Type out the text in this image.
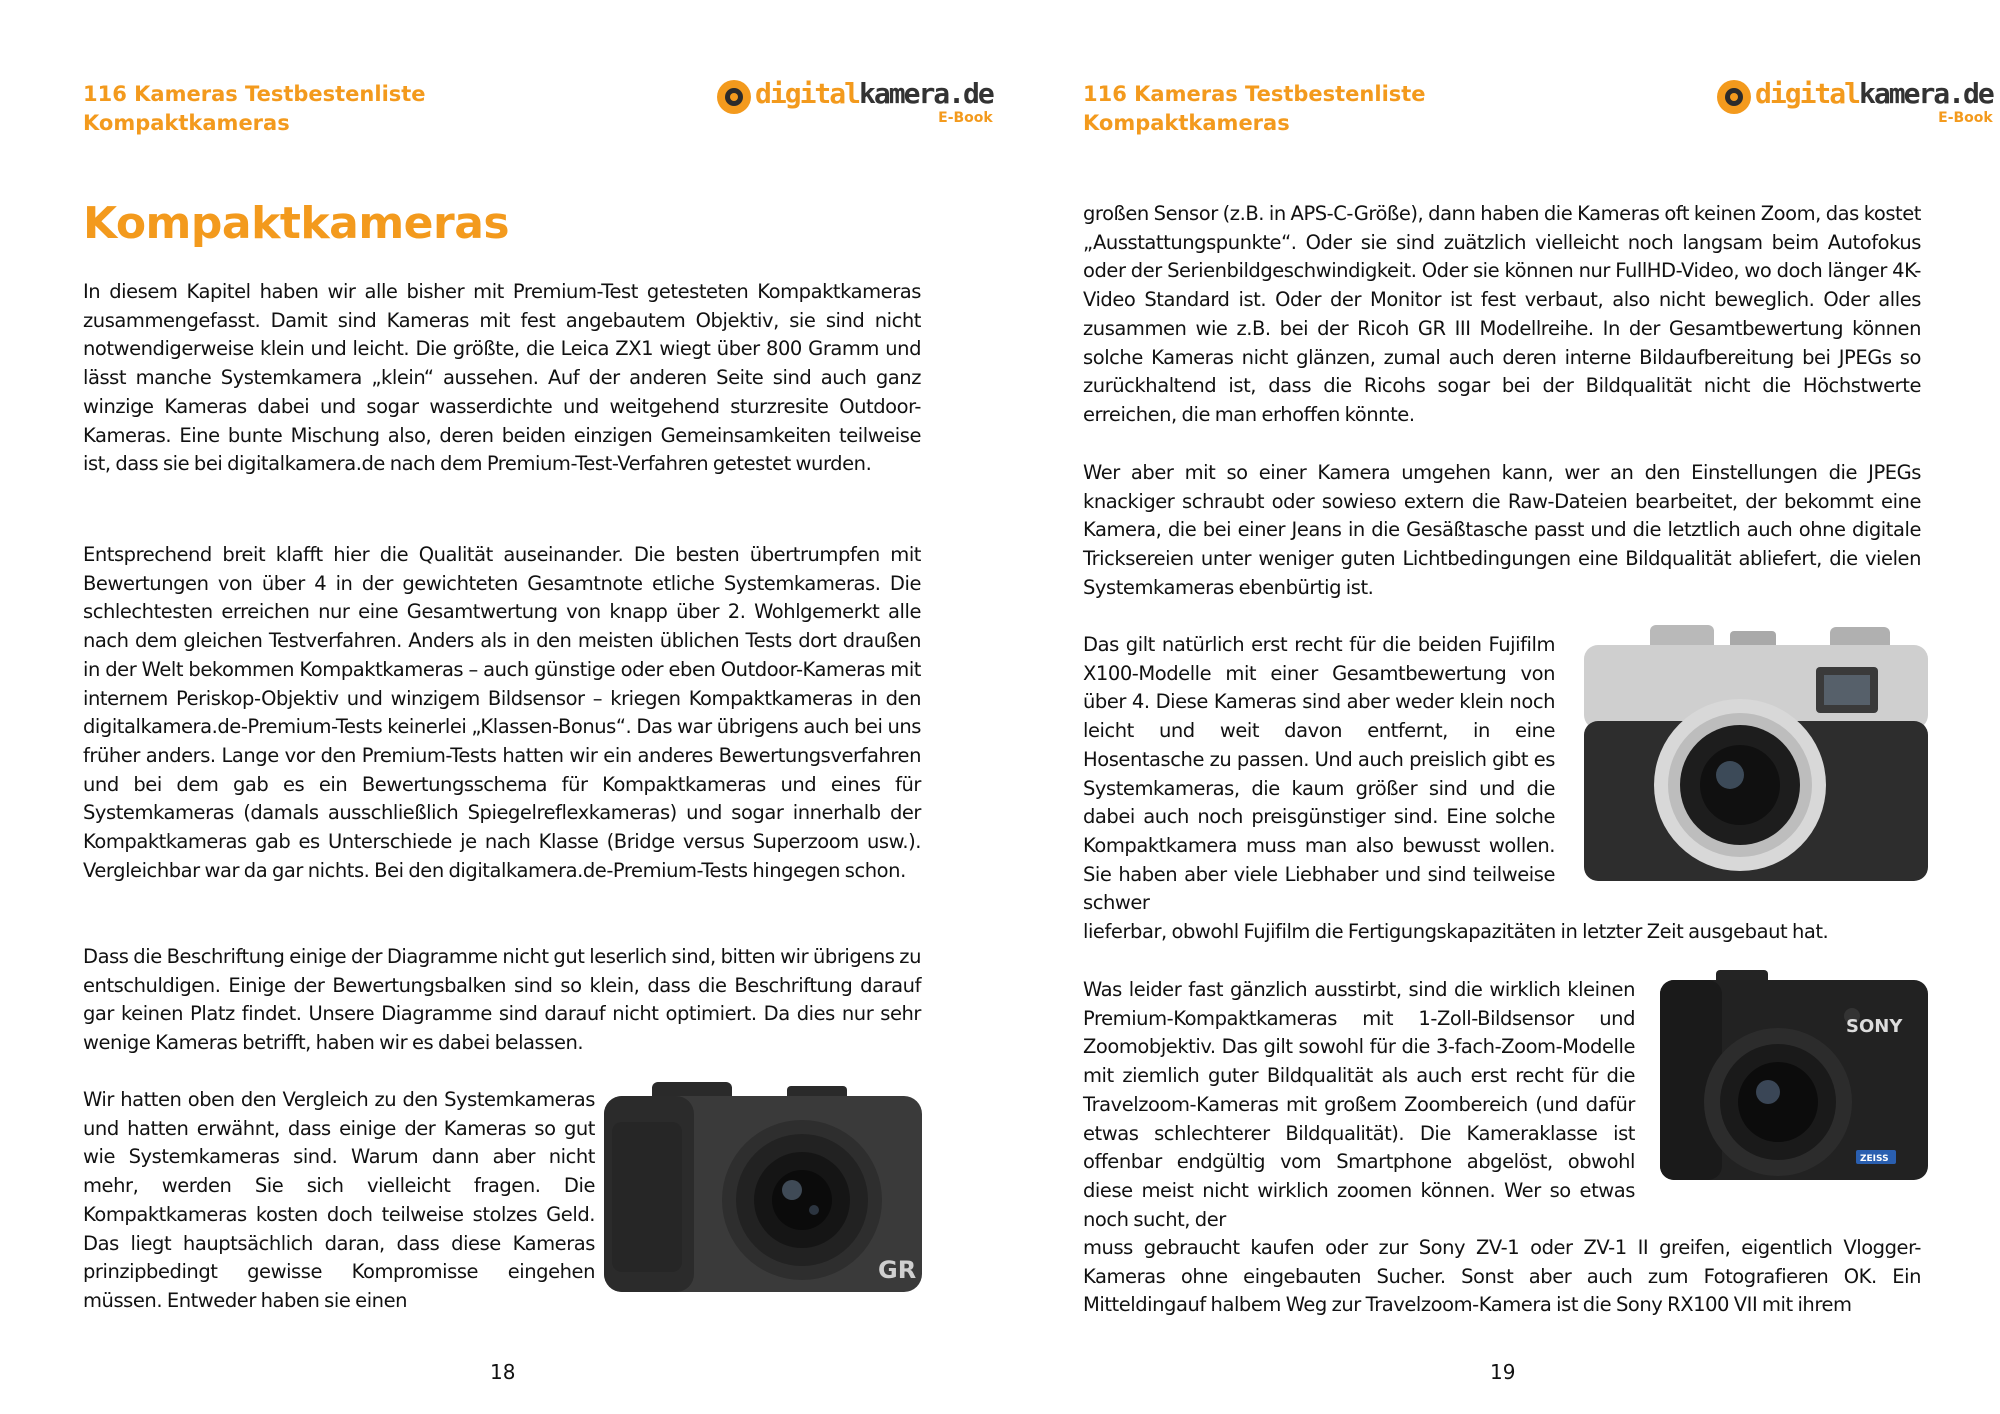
116 Kameras Testbestenliste
Kompaktkameras
digitalkamera.de
E-Book
Kompaktkameras

In diesem Kapitel haben wir alle bisher mit Premium-Test getesteten Kompaktkameras zusammengefasst. Damit sind Kameras mit fest angebautem Objektiv, sie sind nicht notwendigerweise klein und leicht. Die größte, die Leica ZX1 wiegt über 800 Gramm und lässt manche Systemkamera „klein“ aussehen. Auf der anderen Seite sind auch ganz winzige Kameras dabei und sogar wasserdichte und weitgehend sturzresite Outdoor-Kameras. Eine bunte Mischung also, deren beiden einzigen Gemeinsamkeiten teilweise ist, dass sie bei digitalkamera.de nach dem Premium-Test-Verfahren getestet wurden.

Entsprechend breit klafft hier die Qualität auseinander. Die besten übertrumpfen mit Bewertungen von über 4 in der gewichteten Gesamtnote etliche Systemkameras. Die schlechtesten erreichen nur eine Gesamtwertung von knapp über 2. Wohlgemerkt alle nach dem gleichen Testverfahren. Anders als in den meisten üblichen Tests dort draußen in der Welt bekommen Kompaktkameras – auch günstige oder eben Outdoor-Kameras mit internem Periskop-Objektiv und winzigem Bildsensor – kriegen Kompaktkameras in den digitalkamera.de-Premium-Tests keinerlei „Klassen-Bonus“. Das war übrigens auch bei uns früher anders. Lange vor den Premium-Tests hatten wir ein anderes Bewertungsverfahren und bei dem gab es ein Bewertungsschema für Kompaktkameras und eines für Systemkameras (damals ausschließlich Spiegelreflexkameras) und sogar innerhalb der Kompaktkameras gab es Unterschiede je nach Klasse (Bridge versus Superzoom usw.). Vergleichbar war da gar nichts. Bei den digitalkamera.de-Premium-Tests hingegen schon.

Dass die Beschriftung einige der Diagramme nicht gut leserlich sind, bitten wir übrigens zu entschuldigen. Einige der Bewertungsbalken sind so klein, dass die Beschriftung darauf gar keinen Platz findet. Unsere Diagramme sind darauf nicht optimiert. Da dies nur sehr wenige Kameras betrifft, haben wir es dabei belassen.

Wir hatten oben den Vergleich zu den Systemkameras und hatten erwähnt, dass einige der Kameras so gut wie Systemkameras sind. Warum dann aber nicht mehr, werden Sie sich vielleicht fragen. Die Kompaktkameras kosten doch teilweise stolzes Geld. Das liegt hauptsächlich daran, dass diese Kameras prinzipbedingt gewisse Kompromisse eingehen müssen. Entweder haben sie einen

GR
18
116 Kameras Testbestenliste
Kompaktkameras
digitalkamera.de
E-Book

großen Sensor (z.B. in APS-C-Größe), dann haben die Kameras oft keinen Zoom, das kostet „Ausstattungspunkte“. Oder sie sind zuätzlich vielleicht noch langsam beim Autofokus oder der Serienbildgeschwindigkeit. Oder sie können nur FullHD-Video, wo doch länger 4K-Video Standard ist. Oder der Monitor ist fest verbaut, also nicht beweglich. Oder alles zusammen wie z.B. bei der Ricoh GR III Modellreihe. In der Gesamtbewertung können solche Kameras nicht glänzen, zumal auch deren interne Bildaufbereitung bei JPEGs so zurückhaltend ist, dass die Ricohs sogar bei der Bildqualität nicht die Höchstwerte erreichen, die man erhoffen könnte.

Wer aber mit so einer Kamera umgehen kann, wer an den Einstellungen die JPEGs knackiger schraubt oder sowieso extern die Raw-Dateien bearbeitet, der bekommt eine Kamera, die bei einer Jeans in die Gesäßtasche passt und die letztlich auch ohne digitale Tricksereien unter weniger guten Lichtbedingungen eine Bildqualität abliefert, die vielen Systemkameras ebenbürtig ist.

Das gilt natürlich erst recht für die beiden Fujifilm X100-Modelle mit einer Gesamtbewertung von über 4. Diese Kameras sind aber weder klein noch leicht und weit davon entfernt, in eine Hosentasche zu passen. Und auch preislich gibt es Systemkameras, die kaum größer sind und die dabei auch noch preisgünstiger sind. Eine solche Kompaktkamera muss man also bewusst wollen. Sie haben aber viele Liebhaber und sind teilweise schwer

lieferbar, obwohl Fujifilm die Fertigungskapazitäten in letzter Zeit ausgebaut hat.

Was leider fast gänzlich ausstirbt, sind die wirklich kleinen Premium-Kompaktkameras mit 1-Zoll-Bildsensor und Zoomobjektiv. Das gilt sowohl für die 3-fach-Zoom-Modelle mit ziemlich guter Bildqualität als auch erst recht für die Travelzoom-Kameras mit großem Zoombereich (und dafür etwas schlechterer Bildqualität). Die Kameraklasse ist offenbar endgültig vom Smartphone abgelöst, obwohl diese meist nicht wirklich zoomen können. Wer so etwas noch sucht, der

muss gebraucht kaufen oder zur Sony ZV-1 oder ZV-1 II greifen, eigentlich Vlogger-Kameras ohne eingebauten Sucher. Sonst aber auch zum Fotografieren OK. Ein Mitteldingauf halbem Weg zur Travelzoom-Kamera ist die Sony RX100 VII mit ihrem

SONY
ZEISS
19
